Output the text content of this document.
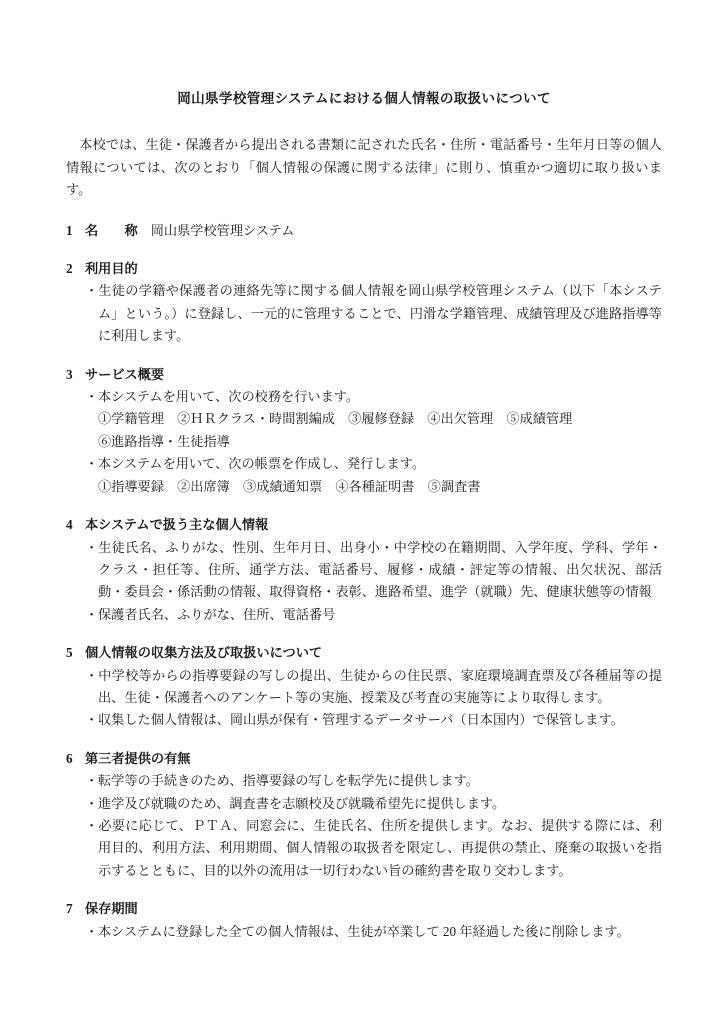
岡山県学校管理システムにおける個人情報の取扱いについて

　本校では、生徒・保護者から提出される書類に記された氏名・住所・電話番号・生年月日等の個人情報については、次のとおり「個人情報の保護に関する法律」に則り、慎重かつ適切に取り扱います。

1 名　　称 岡山県学校管理システム
2 利用目的
・生徒の学籍や保護者の連絡先等に関する個人情報を岡山県学校管理システム（以下「本システム」という。）に登録し、一元的に管理することで、円滑な学籍管理、成績管理及び進路指導等に利用します。
3 サービス概要
・本システムを用いて、次の校務を行います。
①学籍管理　②ＨＲクラス・時間割編成　③履修登録　④出欠管理　⑤成績管理
⑥進路指導・生徒指導
・本システムを用いて、次の帳票を作成し、発行します。
①指導要録　②出席簿　③成績通知票　④各種証明書　⑤調査書
4 本システムで扱う主な個人情報
・生徒氏名、ふりがな、性別、生年月日、出身小・中学校の在籍期間、入学年度、学科、学年・クラス・担任等、住所、通学方法、電話番号、履修・成績・評定等の情報、出欠状況、部活動・委員会・係活動の情報、取得資格・表彰、進路希望、進学（就職）先、健康状態等の情報
・保護者氏名、ふりがな、住所、電話番号
5 個人情報の収集方法及び取扱いについて
・中学校等からの指導要録の写しの提出、生徒からの住民票、家庭環境調査票及び各種届等の提出、生徒・保護者へのアンケート等の実施、授業及び考査の実施等により取得します。
・収集した個人情報は、岡山県が保有・管理するデータサーバ（日本国内）で保管します。
6 第三者提供の有無
・転学等の手続きのため、指導要録の写しを転学先に提供します。
・進学及び就職のため、調査書を志願校及び就職希望先に提供します。
・必要に応じて、ＰＴＡ、同窓会に、生徒氏名、住所を提供します。なお、提供する際には、利用目的、利用方法、利用期間、個人情報の取扱者を限定し、再提供の禁止、廃棄の取扱いを指示するとともに、目的以外の流用は一切行わない旨の確約書を取り交わします。
7 保存期間
・本システムに登録した全ての個人情報は、生徒が卒業して 20 年経過した後に削除します。
